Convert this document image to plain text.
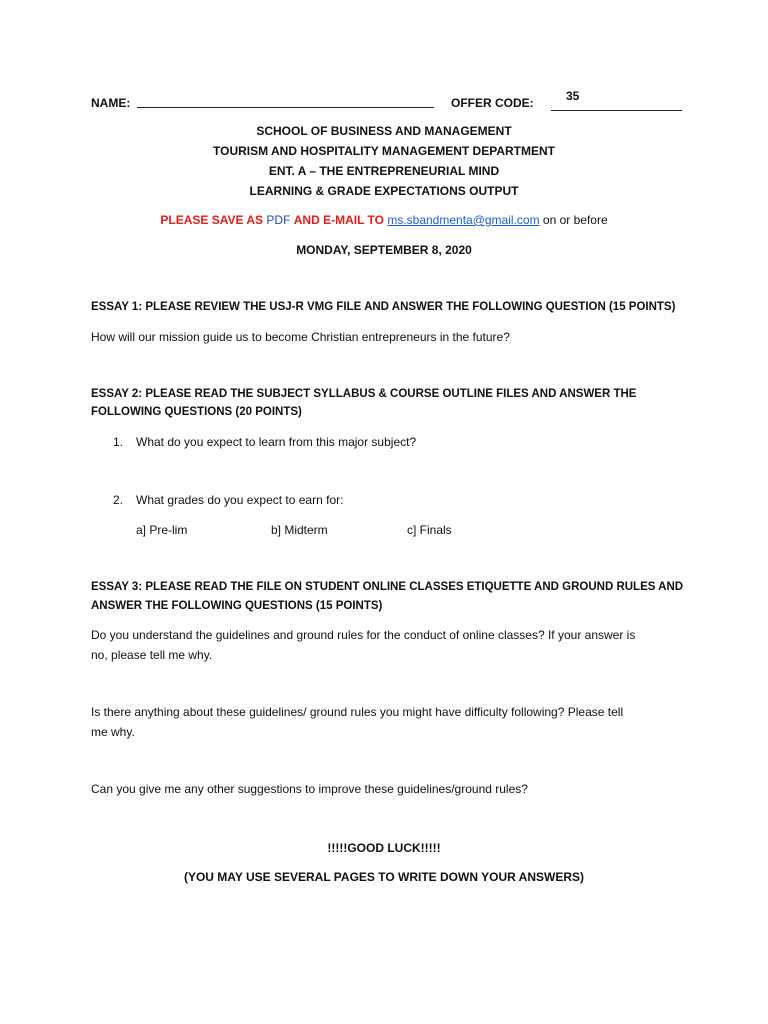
NAME:	OFFER CODE:	35
SCHOOL OF BUSINESS AND MANAGEMENT
TOURISM AND HOSPITALITY MANAGEMENT DEPARTMENT
ENT. A – THE ENTREPRENEURIAL MIND
LEARNING & GRADE EXPECTATIONS OUTPUT
PLEASE SAVE AS PDF AND E-MAIL TO ms.sbandmenta@gmail.com on or before
MONDAY, SEPTEMBER 8, 2020
ESSAY 1: PLEASE REVIEW THE USJ-R VMG FILE AND ANSWER THE FOLLOWING QUESTION (15 POINTS)
How will our mission guide us to become Christian entrepreneurs in the future?
ESSAY 2: PLEASE READ THE SUBJECT SYLLABUS & COURSE OUTLINE FILES AND ANSWER THE
FOLLOWING QUESTIONS (20 POINTS)
1. What do you expect to learn from this major subject?
2. What grades do you expect to earn for:
a] Pre-lim	b] Midterm	c] Finals
ESSAY 3: PLEASE READ THE FILE ON STUDENT ONLINE CLASSES ETIQUETTE AND GROUND RULES AND
ANSWER THE FOLLOWING QUESTIONS (15 POINTS)
Do you understand the guidelines and ground rules for the conduct of online classes? If your answer is
no, please tell me why.
Is there anything about these guidelines/ ground rules you might have difficulty following? Please tell
me why.
Can you give me any other suggestions to improve these guidelines/ground rules?
!!!!!GOOD LUCK!!!!!
(YOU MAY USE SEVERAL PAGES TO WRITE DOWN YOUR ANSWERS)
